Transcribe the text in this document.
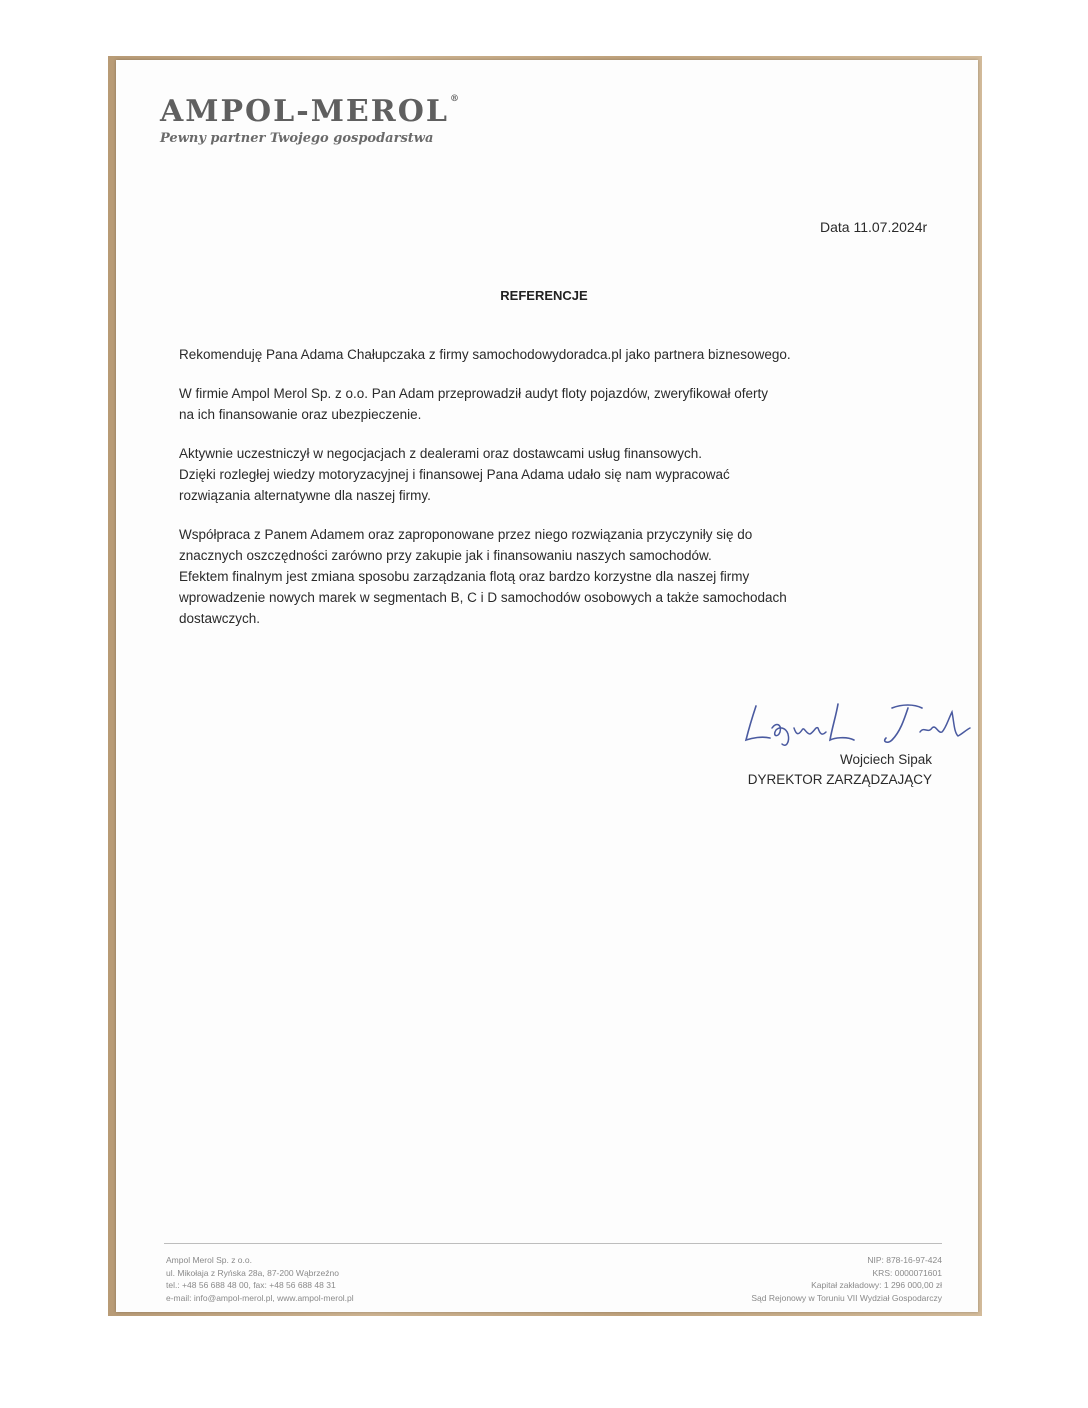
AMPOL-MEROL®
Pewny partner Twojego gospodarstwa
Data 11.07.2024r
REFERENCJE

Rekomenduję Pana Adama Chałupczaka z firmy samochodowydoradca.pl jako partnera biznesowego.

W firmie Ampol Merol Sp. z o.o. Pan Adam przeprowadził audyt floty pojazdów, zweryfikował oferty
na ich finansowanie oraz ubezpieczenie.

Aktywnie uczestniczył w negocjacjach z dealerami oraz dostawcami usług finansowych.
Dzięki rozległej wiedzy motoryzacyjnej i finansowej Pana Adama udało się nam wypracować
rozwiązania alternatywne dla naszej firmy.

Współpraca z Panem Adamem oraz zaproponowane przez niego rozwiązania przyczyniły się do
znacznych oszczędności zarówno przy zakupie jak i finansowaniu naszych samochodów.
Efektem finalnym jest zmiana sposobu zarządzania flotą oraz bardzo korzystne dla naszej firmy
wprowadzenie nowych marek w segmentach B, C i D samochodów osobowych a także samochodach
dostawczych.

Wojciech Sipak
DYREKTOR ZARZĄDZAJĄCY
Ampol Merol Sp. z o.o.
ul. Mikołaja z Ryńska 28a, 87-200 Wąbrzeźno
tel.: +48 56 688 48 00, fax: +48 56 688 48 31
e-mail: info@ampol-merol.pl, www.ampol-merol.pl
NIP: 878-16-97-424
KRS: 0000071601
Kapitał zakładowy: 1 296 000,00 zł
Sąd Rejonowy w Toruniu VII Wydział Gospodarczy
